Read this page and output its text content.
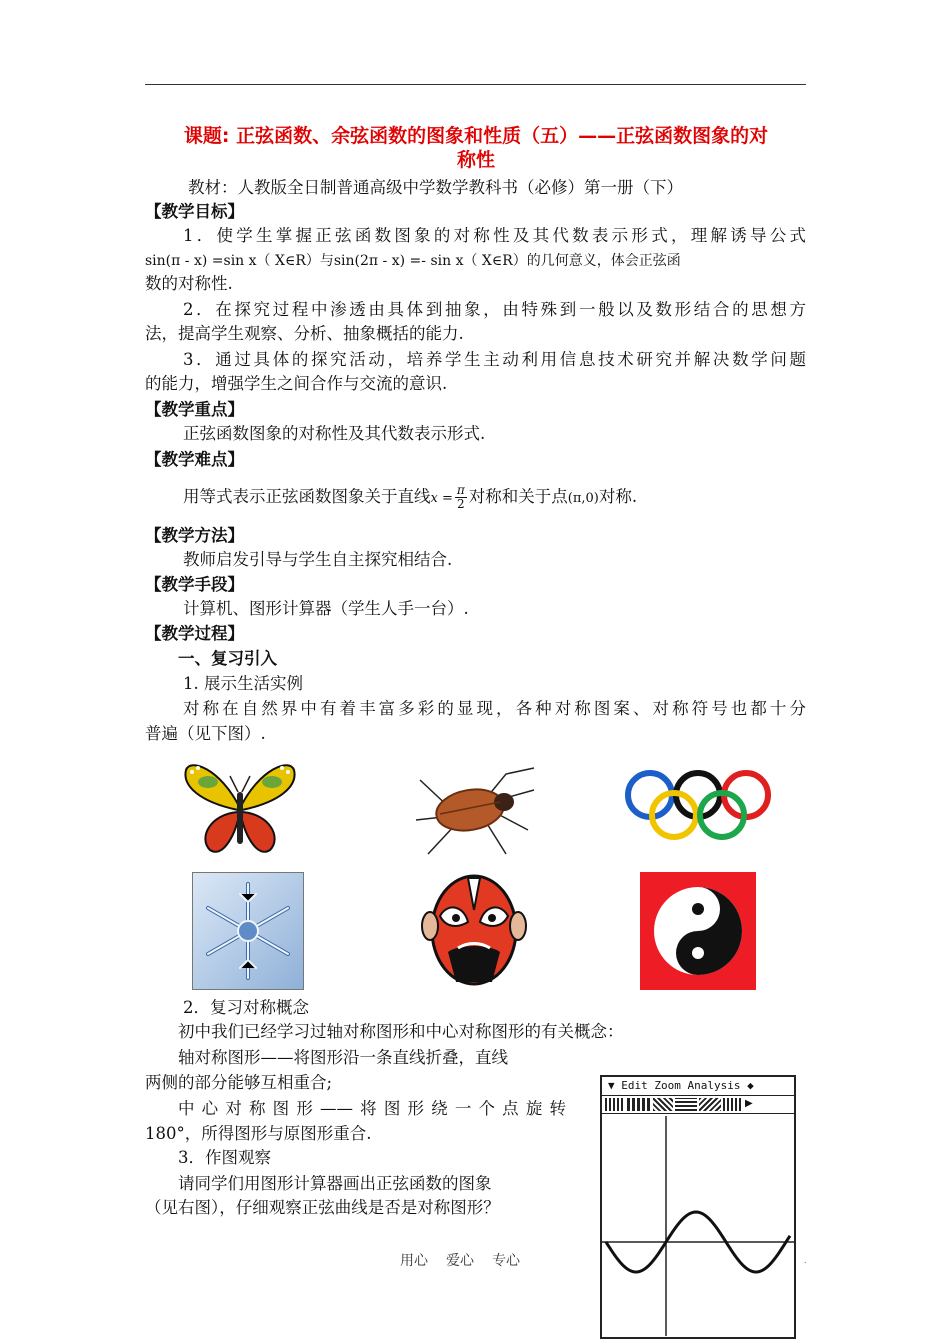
课题: 正弦函数、余弦函数的图象和性质（五）——正弦函数图象的对
称性
教材：人教版全日制普通高级中学数学教科书（必修）第一册（下）
【教学目标】
1．使学生掌握正弦函数图象的对称性及其代数表示形式，理解诱导公式
sin(π - x) =sin x（ X∈R）与sin(2π - x) =- sin x（ X∈R）的几何意义，体会正弦函
数的对称性.
2．在探究过程中渗透由具体到抽象，由特殊到一般以及数形结合的思想方
法，提高学生观察、分析、抽象概括的能力.
3．通过具体的探究活动，培养学生主动利用信息技术研究并解决数学问题
的能力，增强学生之间合作与交流的意识.
【教学重点】
正弦函数图象的对称性及其代数表示形式.
【教学难点】
用等式表示正弦函数图象关于直线$x = \frac{\pi}{2}$ 对称和关于点(π,0)对称.
【教学方法】
教师启发引导与学生自主探究相结合.
【教学手段】
计算机、图形计算器（学生人手一台）.
【教学过程】
一、复习引入
1. 展示生活实例
对称在自然界中有着丰富多彩的显现，各种对称图案、对称符号也都十分
普遍（见下图）.
2．复习对称概念
初中我们已经学习过轴对称图形和中心对称图形的有关概念：
轴对称图形——将图形沿一条直线折叠，直线
两侧的部分能够互相重合;
中心对称图形——将图形绕一个点旋转
180°，所得图形与原图形重合.
3．作图观察
请同学们用图形计算器画出正弦函数的图象
（见右图），仔细观察正弦曲线是否是对称图形？
▼ Edit Zoom Analysis ◆
▶
用心 爱心 专心	.
